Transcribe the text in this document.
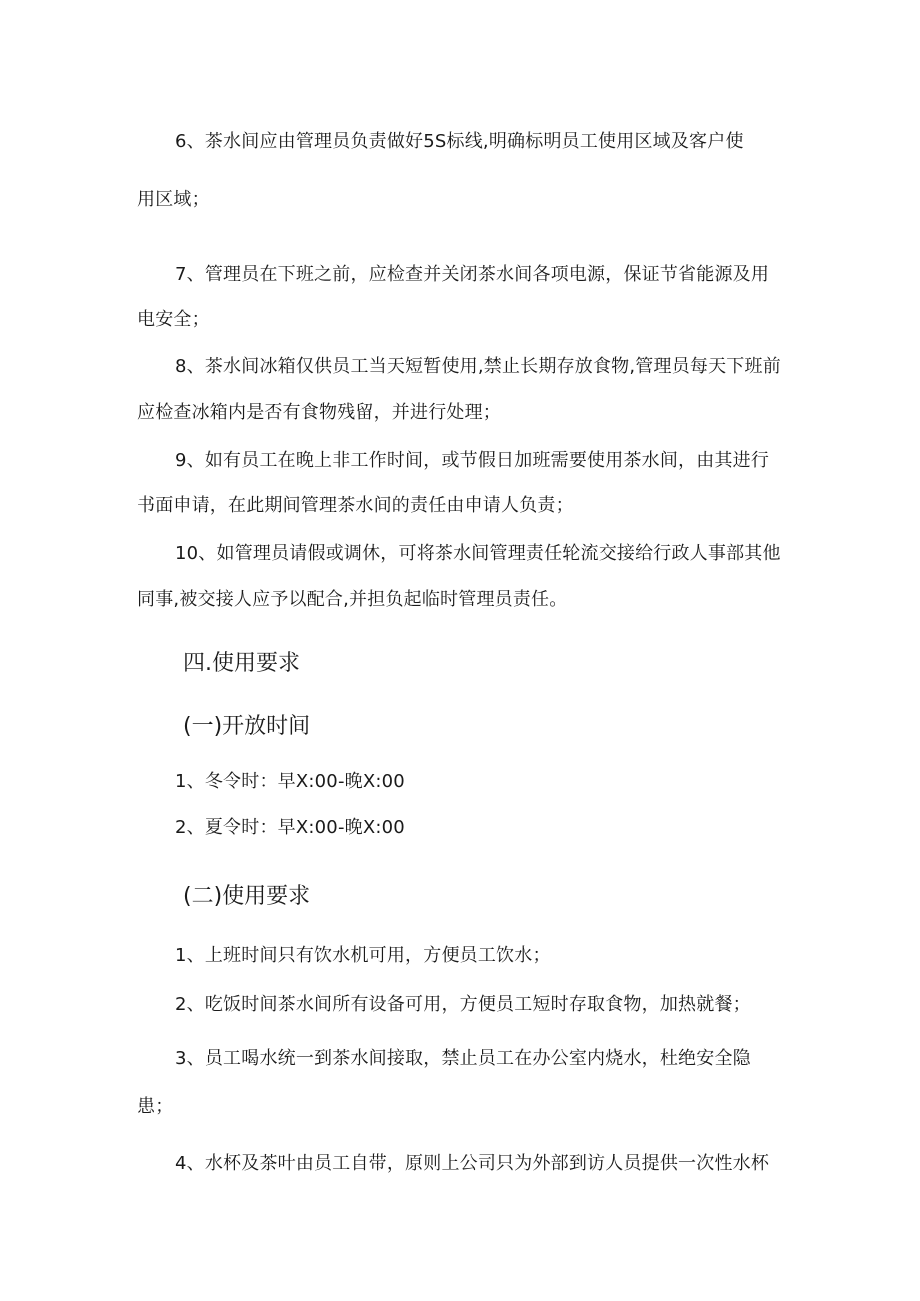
6、茶水间应由管理员负责做好5S标线,明确标明员工使用区域及客户使
用区域；
7、管理员在下班之前，应检查并关闭茶水间各项电源，保证节省能源及用
电安全；
8、茶水间冰箱仅供员工当天短暂使用,禁止长期存放食物,管理员每天下班前
应检查冰箱内是否有食物残留，并进行处理；
9、如有员工在晚上非工作时间，或节假日加班需要使用茶水间，由其进行
书面申请，在此期间管理茶水间的责任由申请人负责；
10、如管理员请假或调休，可将茶水间管理责任轮流交接给行政人事部其他
同事,被交接人应予以配合,并担负起临时管理员责任。
四.使用要求
(一)开放时间
1、冬令时：早X:00-晚X:00
2、夏令时：早X:00-晚X:00
(二)使用要求
1、上班时间只有饮水机可用，方便员工饮水；
2、吃饭时间茶水间所有设备可用，方便员工短时存取食物，加热就餐；
3、员工喝水统一到茶水间接取，禁止员工在办公室内烧水，杜绝安全隐
患；
4、水杯及茶叶由员工自带，原则上公司只为外部到访人员提供一次性水杯
